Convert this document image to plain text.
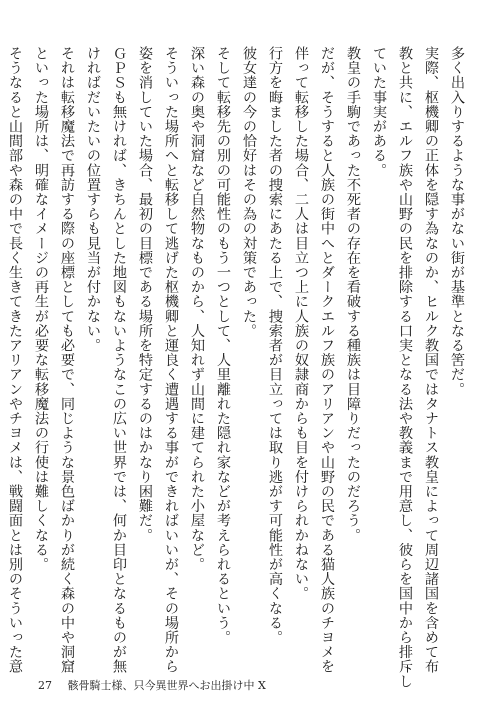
多く出入りするような事がない街が基準となる筈だ。
実際、枢機卿の正体を隠す為なのか、ヒルク教国ではタナトス教皇によって周辺諸国を含めて布
教と共に、エルフ族や山野の民を排除する口実となる法や教義まで用意し、彼らを国中から排斥し
ていた事実がある。
教皇の手駒であった不死者の存在を看破する種族は目障りだったのだろう。
だが、そうすると人族の街中へとダークエルフ族のアリアンや山野の民である猫人族のチヨメを
伴って転移した場合、二人は目立つ上に人族の奴隷商からも目を付けられかねない。
行方を晦ました者の捜索にあたる上で、捜索者が目立っては取り逃がす可能性が高くなる。
彼女達の今の恰好はその為の対策であった。
そして転移先の別の可能性のもう一つとして、人里離れた隠れ家などが考えられるという。
深い森の奥や洞窟など自然物なものから、人知れず山間に建てられた小屋など。
そういった場所へと転移して逃げた枢機卿と運良く遭遇する事ができればいいが、その場所から
姿を消していた場合、最初の目標である場所を特定するのはかなり困難だ。
ＧＰＳも無ければ、きちんとした地図もないようなこの広い世界では、何か目印となるものが無
ければだいたいの位置すらも見当が付かない。
それは転移魔法で再訪する際の座標としても必要で、同じような景色ばかりが続く森の中や洞窟
といった場所は、明確なイメージの再生が必要な転移魔法の行使は難しくなる。
そうなると山間部や森の中で長く生きてきたアリアンやチヨメは、戦闘面とは別のそういった意
27 骸骨騎士様、只今異世界へお出掛け中 X
